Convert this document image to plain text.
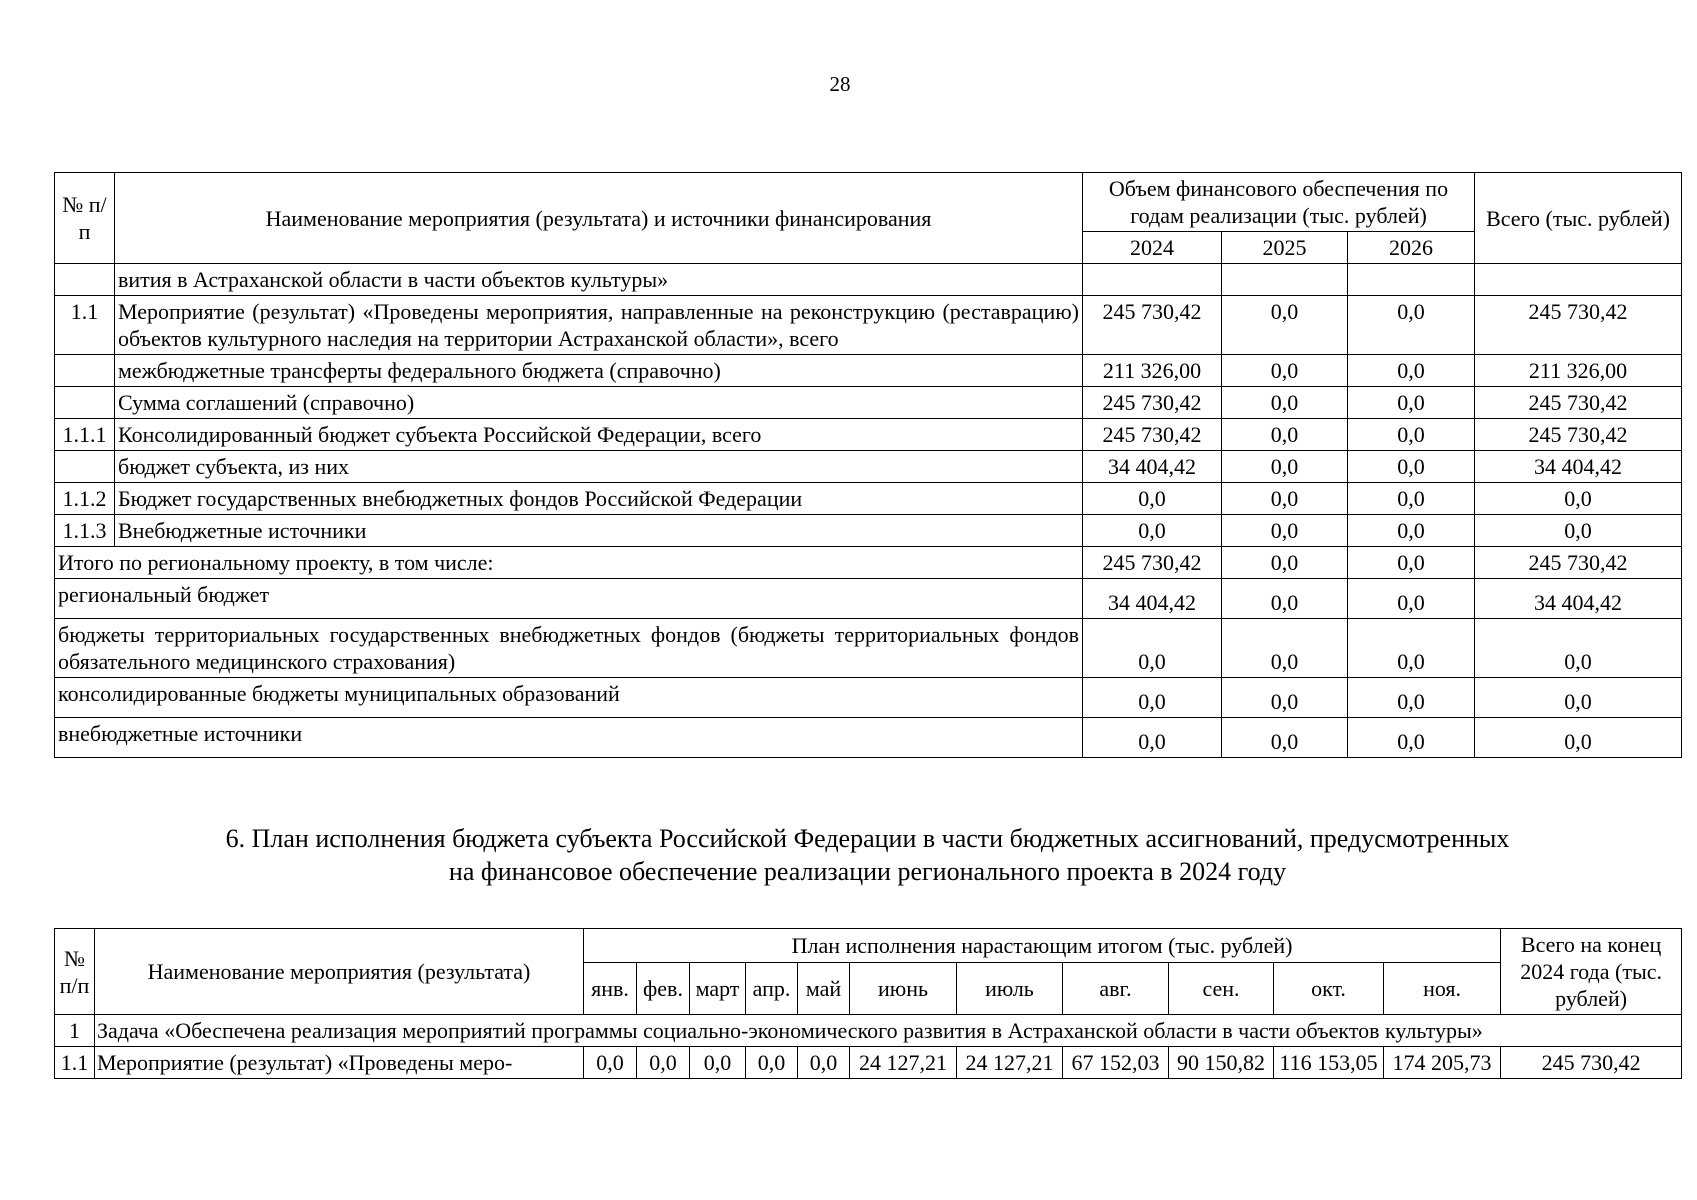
28
№ п/п	Наименование мероприятия (результата) и источники финансирования	Объем финансового обеспечения по годам реализации (тыс. рублей)			Всего (тыс. рублей)
		2024	2025	2026	
	вития в Астраханской области в части объектов культуры»				
1.1	Мероприятие (результат) «Проведены мероприятия, направленные на реконструкцию (реставрацию) объектов культурного наследия на территории Астраханской области», всего	245 730,42	0,0	0,0	245 730,42
	межбюджетные трансферты федерального бюджета (справочно)	211 326,00	0,0	0,0	211 326,00
	Сумма соглашений (справочно)	245 730,42	0,0	0,0	245 730,42
1.1.1	Консолидированный бюджет субъекта Российской Федерации, всего	245 730,42	0,0	0,0	245 730,42
	бюджет субъекта, из них	34 404,42	0,0	0,0	34 404,42
1.1.2	Бюджет государственных внебюджетных фондов Российской Федерации	0,0	0,0	0,0	0,0
1.1.3	Внебюджетные источники	0,0	0,0	0,0	0,0
Итого по региональному проекту, в том числе:		245 730,42	0,0	0,0	245 730,42
региональный бюджет		34 404,42	0,0	0,0	34 404,42
бюджеты территориальных государственных внебюджетных фондов (бюджеты территориальных фондов обязательного медицинского страхования)		0,0	0,0	0,0	0,0
консолидированные бюджеты муниципальных образований		0,0	0,0	0,0	0,0
внебюджетные источники		0,0	0,0	0,0	0,0
6. План исполнения бюджета субъекта Российской Федерации в части бюджетных ассигнований, предусмотренных
на финансовое обеспечение реализации регионального проекта в 2024 году
№ п/п	Наименование мероприятия (результата)	План исполнения нарастающим итогом (тыс. рублей)											Всего на конец 2024 года (тыс. рублей)
		янв.	фев.	март	апр.	май	июнь	июль	авг.	сен.	окт.	ноя.	
1	Задача «Обеспечена реализация мероприятий программы социально-экономического развития в Астраханской области в части объектов культуры»												
1.1	Мероприятие (результат) «Проведены меро-	0,0	0,0	0,0	0,0	0,0	24 127,21	24 127,21	67 152,03	90 150,82	116 153,05	174 205,73	245 730,42
